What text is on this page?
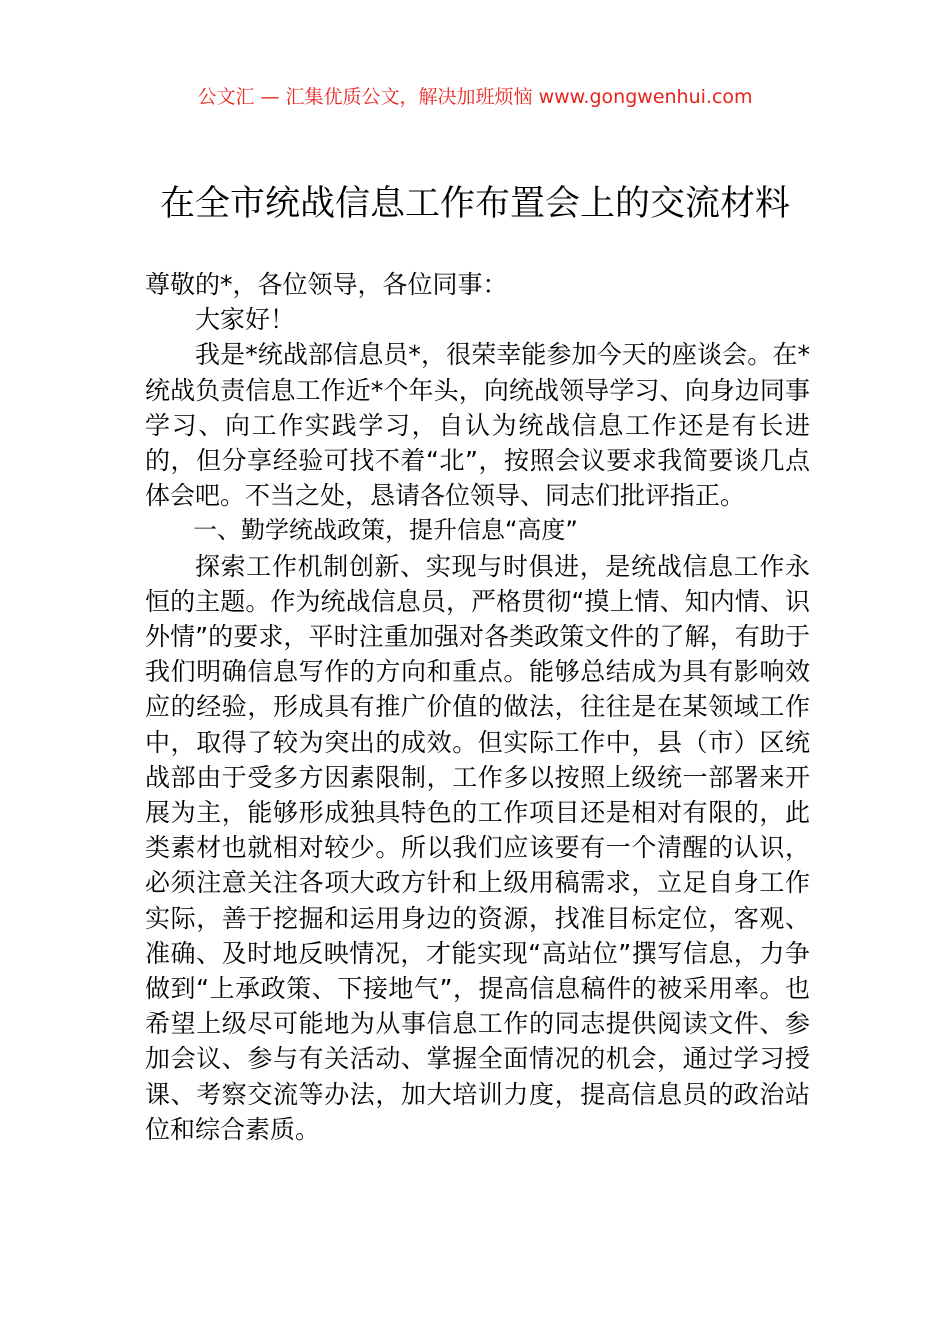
公文汇 — 汇集优质公文，解决加班烦恼 www.gongwenhui.com
在全市统战信息工作布置会上的交流材料

尊敬的*，各位领导，各位同事：

大家好！

我是*统战部信息员*，很荣幸能参加今天的座谈会。在*统战负责信息工作近*个年头，向统战领导学习、向身边同事学习、向工作实践学习，自认为统战信息工作还是有长进的，但分享经验可找不着“北”，按照会议要求我简要谈几点体会吧。不当之处，恳请各位领导、同志们批评指正。

一、勤学统战政策，提升信息“高度”

探索工作机制创新、实现与时俱进，是统战信息工作永恒的主题。作为统战信息员，严格贯彻“摸上情、知内情、识外情”的要求，平时注重加强对各类政策文件的了解，有助于我们明确信息写作的方向和重点。能够总结成为具有影响效应的经验，形成具有推广价值的做法，往往是在某领域工作中，取得了较为突出的成效。但实际工作中，县（市）区统战部由于受多方因素限制，工作多以按照上级统一部署来开展为主，能够形成独具特色的工作项目还是相对有限的，此类素材也就相对较少。所以我们应该要有一个清醒的认识，必须注意关注各项大政方针和上级用稿需求，立足自身工作实际，善于挖掘和运用身边的资源，找准目标定位，客观、准确、及时地反映情况，才能实现“高站位”撰写信息，力争做到“上承政策、下接地气”，提高信息稿件的被采用率。也希望上级尽可能地为从事信息工作的同志提供阅读文件、参加会议、参与有关活动、掌握全面情况的机会，通过学习授课、考察交流等办法，加大培训力度，提高信息员的政治站位和综合素质。
